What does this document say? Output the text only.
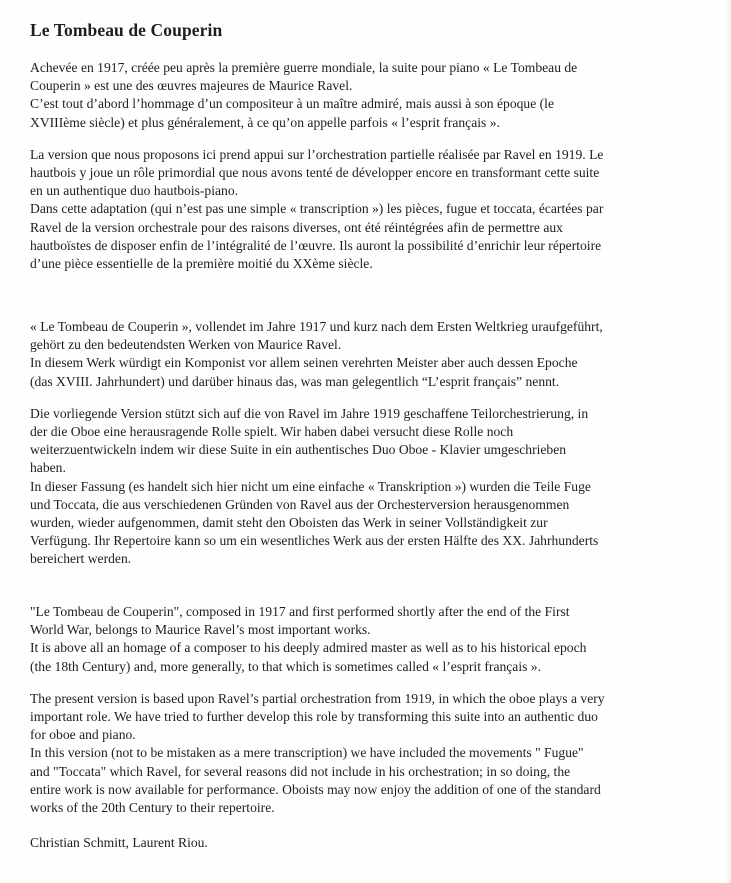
Le Tombeau de Couperin

Achevée en 1917, créée peu après la première guerre mondiale, la suite pour piano « Le Tombeau de
Couperin » est une des œuvres majeures de Maurice Ravel.
C’est tout d’abord l’hommage d’un compositeur à un maître admiré, mais aussi à son époque (le
XVIIIème siècle) et plus généralement, à ce qu’on appelle parfois « l’esprit français ».

La version que nous proposons ici prend appui sur l’orchestration partielle réalisée par Ravel en 1919. Le
hautbois y joue un rôle primordial que nous avons tenté de développer encore en transformant cette suite
en un authentique duo hautbois-piano.
Dans cette adaptation (qui n’est pas une simple « transcription ») les pièces, fugue et toccata, écartées par
Ravel de la version orchestrale pour des raisons diverses, ont été réintégrées afin de permettre aux
hautboïstes de disposer enfin de l’intégralité de l’œuvre. Ils auront la possibilité d’enrichir leur répertoire
d’une pièce essentielle de la première moitié du XXème siècle.

« Le Tombeau de Couperin », vollendet im Jahre 1917 und kurz nach dem Ersten Weltkrieg uraufgeführt,
gehört zu den bedeutendsten Werken von Maurice Ravel.
In diesem Werk würdigt ein Komponist vor allem seinen verehrten Meister aber auch dessen Epoche
(das XVIII. Jahrhundert) und darüber hinaus das, was man gelegentlich “L’esprit français” nennt.

Die vorliegende Version stützt sich auf die von Ravel im Jahre 1919 geschaffene Teilorchestrierung, in
der die Oboe eine herausragende Rolle spielt. Wir haben dabei versucht diese Rolle noch
weiterzuentwickeln indem wir diese Suite in ein authentisches Duo Oboe - Klavier umgeschrieben
haben.
In dieser Fassung (es handelt sich hier nicht um eine einfache « Transkription ») wurden die Teile Fuge
und Toccata, die aus verschiedenen Gründen von Ravel aus der Orchesterversion herausgenommen
wurden, wieder aufgenommen, damit steht den Oboisten das Werk in seiner Vollständigkeit zur
Verfügung. Ihr Repertoire kann so um ein wesentliches Werk aus der ersten Hälfte des XX. Jahrhunderts
bereichert werden.

"Le Tombeau de Couperin", composed in 1917 and first performed shortly after the end of the First
World War, belongs to Maurice Ravel’s most important works.
It is above all an homage of a composer to his deeply admired master as well as to his historical epoch
(the 18th Century) and, more generally, to that which is sometimes called « l’esprit français ».

The present version is based upon Ravel’s partial orchestration from 1919, in which the oboe plays a very
important role. We have tried to further develop this role by transforming this suite into an authentic duo
for oboe and piano.
In this version (not to be mistaken as a mere transcription) we have included the movements " Fugue"
and "Toccata" which Ravel, for several reasons did not include in his orchestration; in so doing, the
entire work is now available for performance. Oboists may now enjoy the addition of one of the standard
works of the 20th Century to their repertoire.

Christian Schmitt, Laurent Riou.
